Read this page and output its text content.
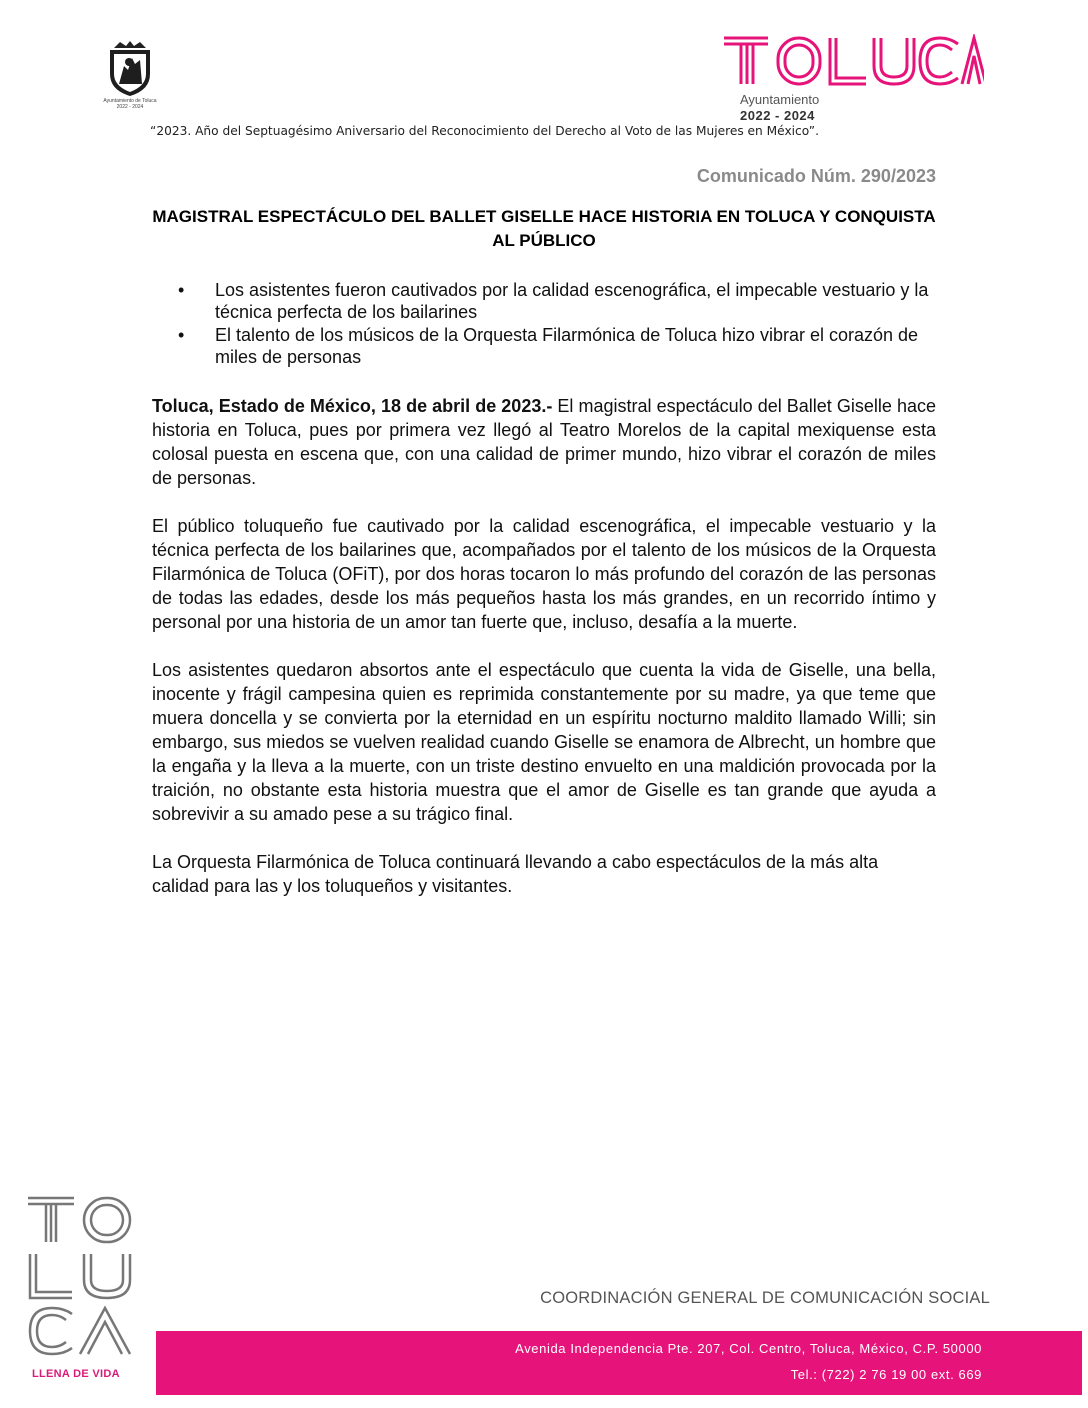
Ayuntamiento de Toluca
2022 - 2024	Ayuntamiento
2022 - 2024
“2023. Año del Septuagésimo Aniversario del Reconocimiento del Derecho al Voto de las Mujeres en México”.
Comunicado Núm. 290/2023
MAGISTRAL ESPECTÁCULO DEL BALLET GISELLE HACE HISTORIA EN TOLUCA Y CONQUISTA AL PÚBLICO
• Los asistentes fueron cautivados por la calidad escenográfica, el impecable vestuario y la técnica perfecta de los bailarines
• El talento de los músicos de la Orquesta Filarmónica de Toluca hizo vibrar el corazón de miles de personas

Toluca, Estado de México, 18 de abril de 2023.- El magistral espectáculo del Ballet Giselle hace historia en Toluca, pues por primera vez llegó al Teatro Morelos de la capital mexiquense esta colosal puesta en escena que, con una calidad de primer mundo, hizo vibrar el corazón de miles de personas.

El público toluqueño fue cautivado por la calidad escenográfica, el impecable vestuario y la técnica perfecta de los bailarines que, acompañados por el talento de los músicos de la Orquesta Filarmónica de Toluca (OFiT), por dos horas tocaron lo más profundo del corazón de las personas de todas las edades, desde los más pequeños hasta los más grandes, en un recorrido íntimo y personal por una historia de un amor tan fuerte que, incluso, desafía a la muerte.

Los asistentes quedaron absortos ante el espectáculo que cuenta la vida de Giselle, una bella, inocente y frágil campesina quien es reprimida constantemente por su madre, ya que teme que muera doncella y se convierta por la eternidad en un espíritu nocturno maldito llamado Willi; sin embargo, sus miedos se vuelven realidad cuando Giselle se enamora de Albrecht, un hombre que la engaña y la lleva a la muerte, con un triste destino envuelto en una maldición provocada por la traición, no obstante esta historia muestra que el amor de Giselle es tan grande que ayuda a sobrevivir a su amado pese a su trágico final.

La Orquesta Filarmónica de Toluca continuará llevando a cabo espectáculos de la más alta calidad para las y los toluqueños y visitantes.

LLENA DE VIDA
COORDINACIÓN GENERAL DE COMUNICACIÓN SOCIAL
Avenida Independencia Pte. 207, Col. Centro, Toluca, México, C.P. 50000
Tel.: (722) 2 76 19 00 ext. 669
